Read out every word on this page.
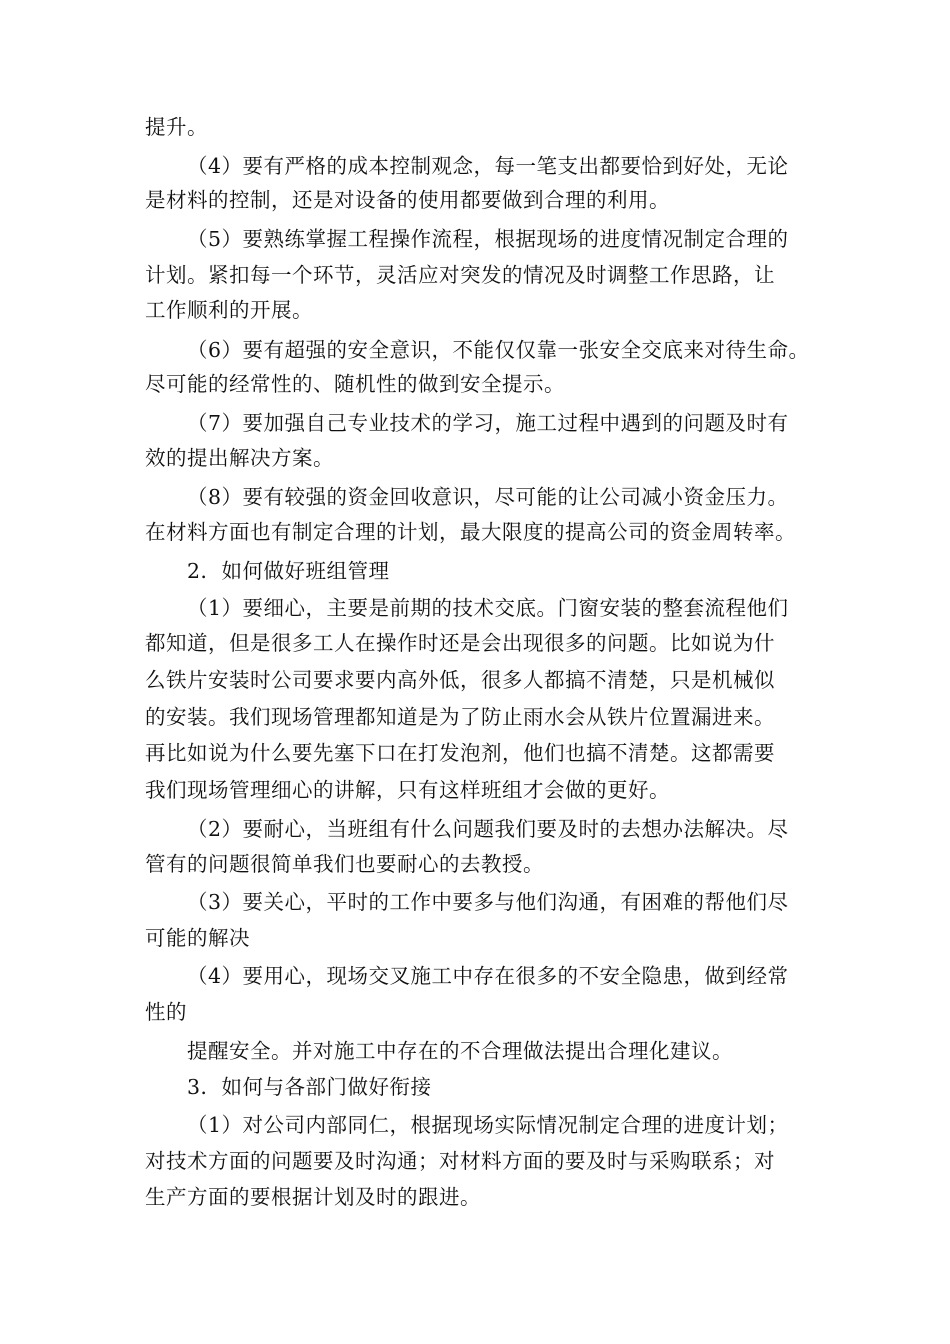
提升。
（4）要有严格的成本控制观念，每一笔支出都要恰到好处，无论
是材料的控制，还是对设备的使用都要做到合理的利用。
（5）要熟练掌握工程操作流程，根据现场的进度情况制定合理的
计划。紧扣每一个环节，灵活应对突发的情况及时调整工作思路，让
工作顺利的开展。
（6）要有超强的安全意识，不能仅仅靠一张安全交底来对待生命。
尽可能的经常性的、随机性的做到安全提示。
（7）要加强自己专业技术的学习，施工过程中遇到的问题及时有
效的提出解决方案。
（8）要有较强的资金回收意识，尽可能的让公司减小资金压力。
在材料方面也有制定合理的计划，最大限度的提高公司的资金周转率。
2．如何做好班组管理
（1）要细心，主要是前期的技术交底。门窗安装的整套流程他们
都知道，但是很多工人在操作时还是会出现很多的问题。比如说为什
么铁片安装时公司要求要内高外低，很多人都搞不清楚，只是机械似
的安装。我们现场管理都知道是为了防止雨水会从铁片位置漏进来。
再比如说为什么要先塞下口在打发泡剂，他们也搞不清楚。这都需要
我们现场管理细心的讲解，只有这样班组才会做的更好。
（2）要耐心，当班组有什么问题我们要及时的去想办法解决。尽
管有的问题很简单我们也要耐心的去教授。
（3）要关心，平时的工作中要多与他们沟通，有困难的帮他们尽
可能的解决
（4）要用心，现场交叉施工中存在很多的不安全隐患，做到经常
性的
提醒安全。并对施工中存在的不合理做法提出合理化建议。
3．如何与各部门做好衔接
（1）对公司内部同仁，根据现场实际情况制定合理的进度计划；
对技术方面的问题要及时沟通；对材料方面的要及时与采购联系；对
生产方面的要根据计划及时的跟进。
